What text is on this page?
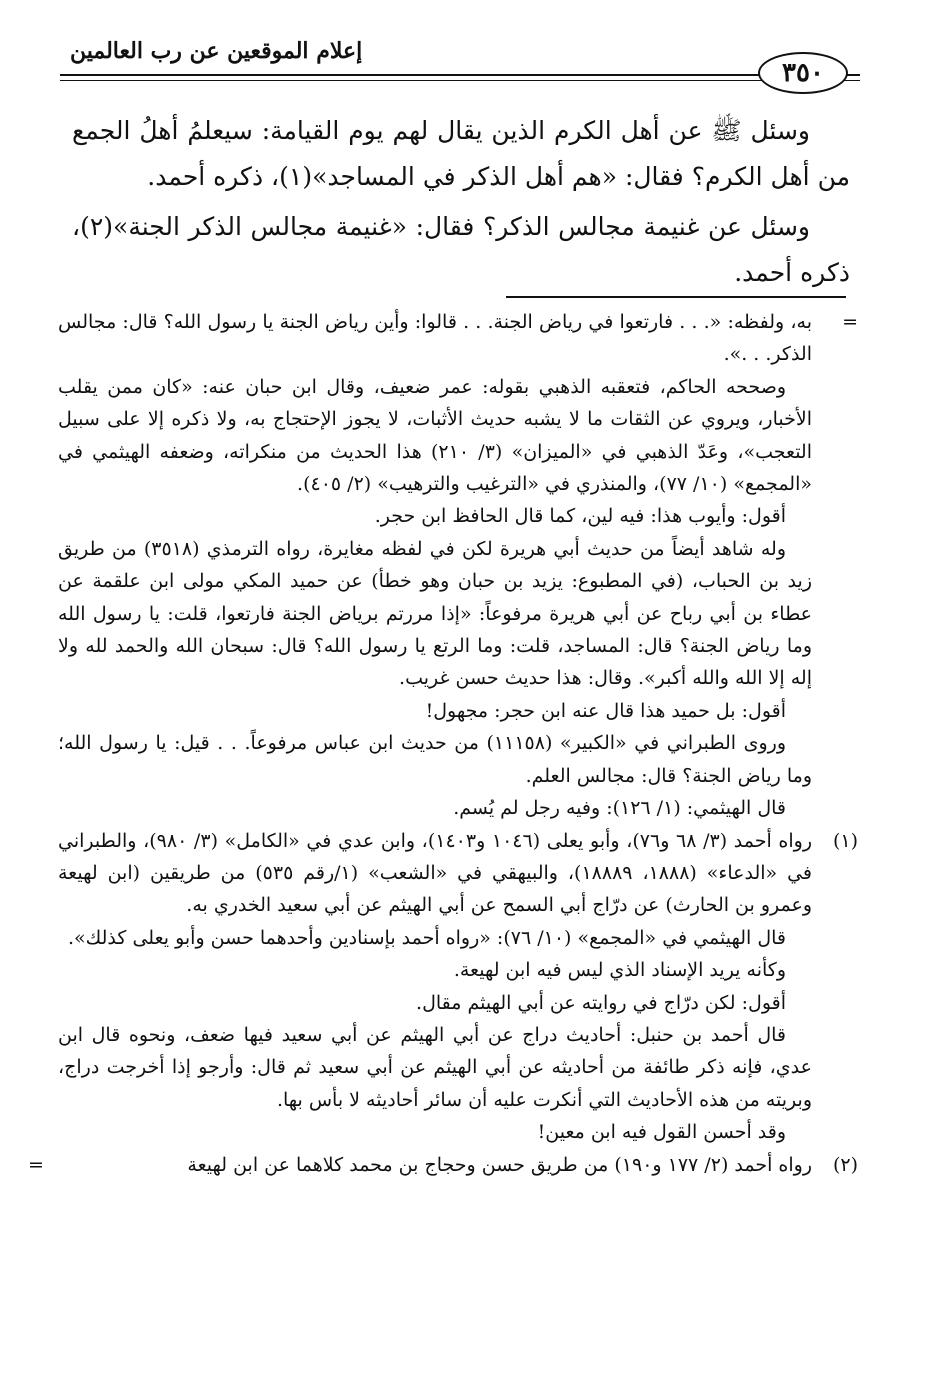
إعلام الموقعين عن رب العالمين
٣٥٠

وسئل ﷺ عن أهل الكرم الذين يقال لهم يوم القيامة: سيعلمُ أهلُ الجمع من أهل الكرم؟ فقال: «هم أهل الذكر في المساجد»(١)، ذكره أحمد.

وسئل عن غنيمة مجالس الذكر؟ فقال: «غنيمة مجالس الذكر الجنة»(٢)، ذكره أحمد.

=

به، ولفظه: «. . . فارتعوا في رياض الجنة. . . قالوا: وأين رياض الجنة يا رسول الله؟ قال: مجالس الذكر. . .».

وصححه الحاكم، فتعقبه الذهبي بقوله: عمر ضعيف، وقال ابن حبان عنه: «كان ممن يقلب الأخبار، ويروي عن الثقات ما لا يشبه حديث الأثبات، لا يجوز الإحتجاج به، ولا ذكره إلا على سبيل التعجب»، وعَدّ الذهبي في «الميزان» (٣/ ٢١٠) هذا الحديث من منكراته، وضعفه الهيثمي في «المجمع» (١٠/ ٧٧)، والمنذري في «الترغيب والترهيب» (٢/ ٤٠٥).

أقول: وأيوب هذا: فيه لين، كما قال الحافظ ابن حجر.

وله شاهد أيضاً من حديث أبي هريرة لكن في لفظه مغايرة، رواه الترمذي (٣٥١٨) من طريق زيد بن الحباب، (في المطبوع: يزيد بن حبان وهو خطأ) عن حميد المكي مولى ابن علقمة عن عطاء بن أبي رباح عن أبي هريرة مرفوعاً: «إذا مررتم برياض الجنة فارتعوا، قلت: يا رسول الله وما رياض الجنة؟ قال: المساجد، قلت: وما الرتع يا رسول الله؟ قال: سبحان الله والحمد لله ولا إله إلا الله والله أكبر». وقال: هذا حديث حسن غريب.

أقول: بل حميد هذا قال عنه ابن حجر: مجهول!

وروى الطبراني في «الكبير» (١١١٥٨) من حديث ابن عباس مرفوعاً. . . قيل: يا رسول الله؛ وما رياض الجنة؟ قال: مجالس العلم.

قال الهيثمي: (١/ ١٢٦): وفيه رجل لم يُسم.

(١)

رواه أحمد (٣/ ٦٨ و٧٦)، وأبو يعلى (١٠٤٦ و١٤٠٣)، وابن عدي في «الكامل» (٣/ ٩٨٠)، والطبراني في «الدعاء» (١٨٨٨، ١٨٨٨٩)، والبيهقي في «الشعب» (١/رقم ٥٣٥) من طريقين (ابن لهيعة وعمرو بن الحارث) عن درّاج أبي السمح عن أبي الهيثم عن أبي سعيد الخدري به.

قال الهيثمي في «المجمع» (١٠/ ٧٦): «رواه أحمد بإسنادين وأحدهما حسن وأبو يعلى كذلك».

وكأنه يريد الإسناد الذي ليس فيه ابن لهيعة.

أقول: لكن درّاج في روايته عن أبي الهيثم مقال.

قال أحمد بن حنبل: أحاديث دراج عن أبي الهيثم عن أبي سعيد فيها ضعف، ونحوه قال ابن عدي، فإنه ذكر طائفة من أحاديثه عن أبي الهيثم عن أبي سعيد ثم قال: وأرجو إذا أخرجت دراج، وبريته من هذه الأحاديث التي أنكرت عليه أن سائر أحاديثه لا بأس بها.

وقد أحسن القول فيه ابن معين!

(٢)

رواه أحمد (٢/ ١٧٧ و١٩٠) من طريق حسن وحجاج بن محمد كلاهما عن ابن لهيعة

=
